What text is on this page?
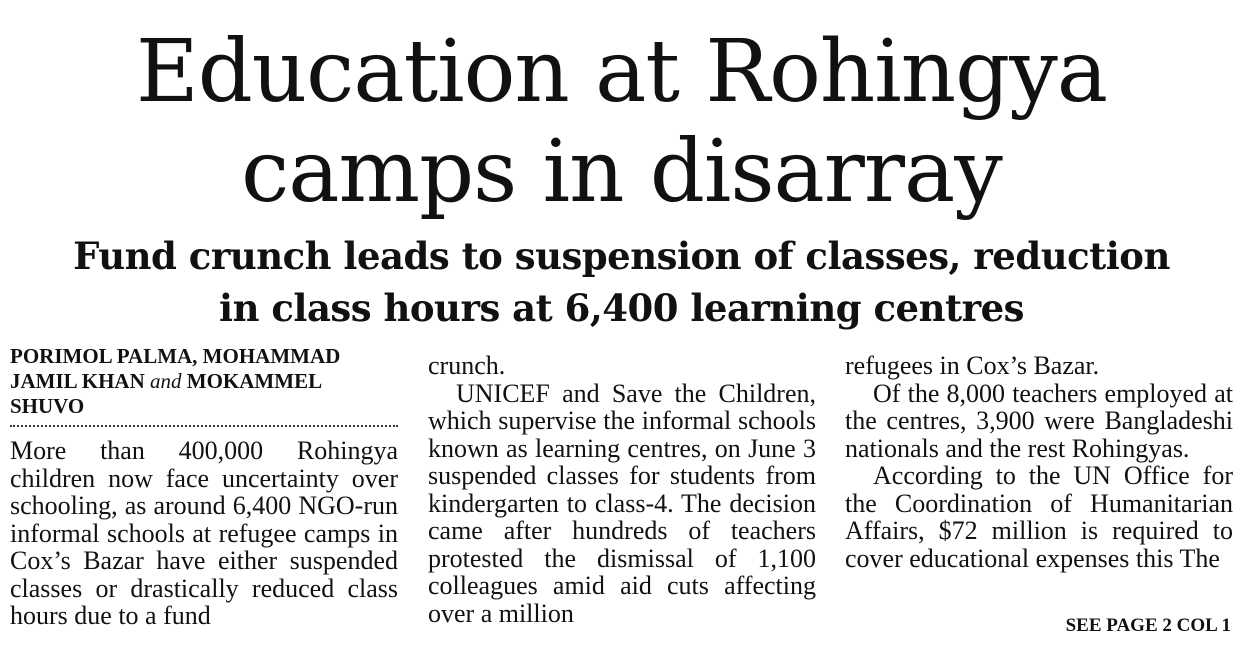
Education at Rohingya
camps in disarray
Fund crunch leads to suspension of classes, reduction
in class hours at 6,400 learning centres
PORIMOL PALMA, MOHAMMAD
JAMIL KHAN and MOKAMMEL SHUVO

More than 400,000 Rohingya children now face uncertainty over schooling, as around 6,400 NGO-run informal schools at refugee camps in Cox’s Bazar have either suspended classes or drastically reduced class hours due to a fund

crunch.

UNICEF and Save the Children, which supervise the informal schools known as learning centres, on June 3 suspended classes for students from kindergarten to class-4. The decision came after hundreds of teachers protested the dismissal of 1,100 colleagues amid aid cuts affecting over a million

refugees in Cox’s Bazar.

Of the 8,000 teachers employed at the centres, 3,900 were Bangladeshi nationals and the rest Rohingyas.

According to the UN Office for the Coordination of Humanitarian Affairs, $72 million is required to cover educational expenses this The

SEE PAGE 2 COL 1
